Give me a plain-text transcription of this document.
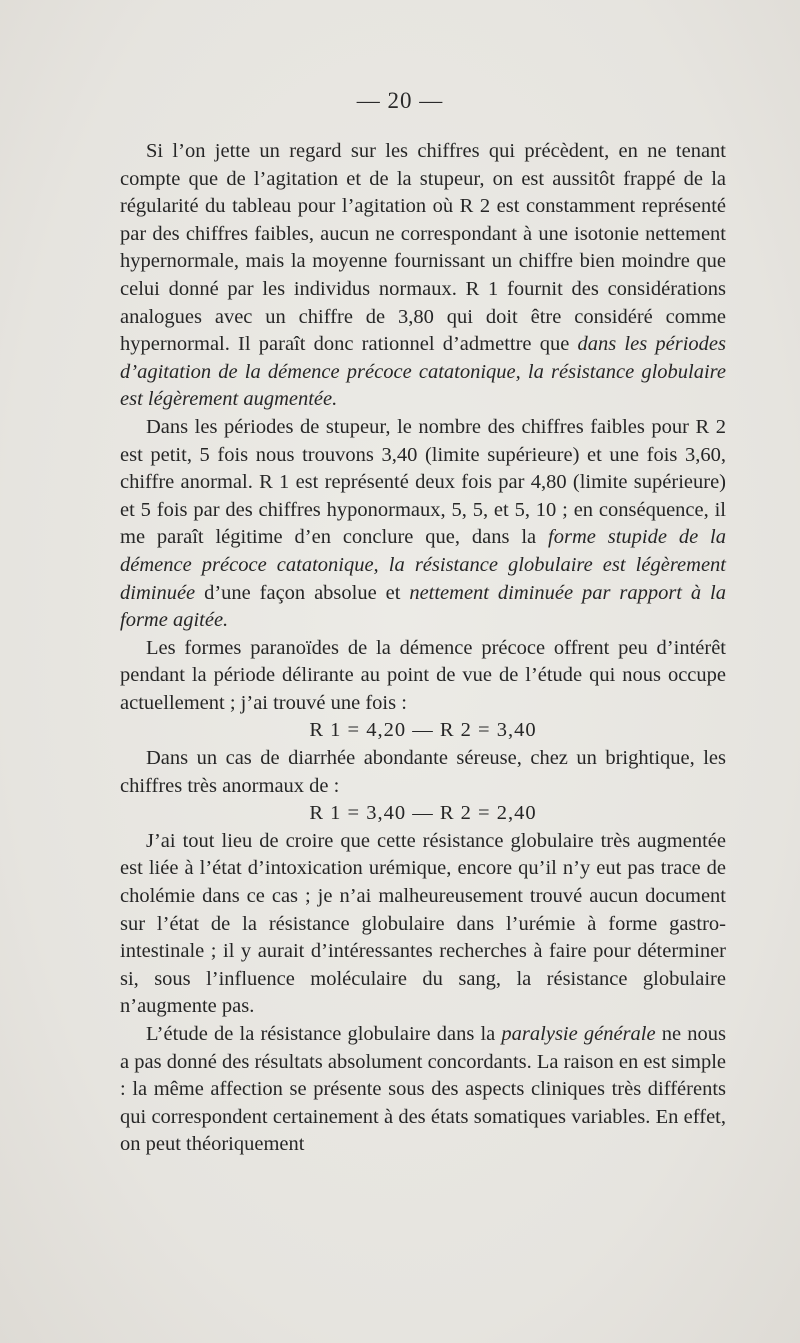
— 20 —

Si l’on jette un regard sur les chiffres qui précèdent, en ne tenant compte que de l’agitation et de la stupeur, on est aussitôt frappé de la régularité du tableau pour l’agitation où R 2 est constamment représenté par des chiffres faibles, aucun ne correspondant à une isotonie nettement hypernormale, mais la moyenne fournissant un chiffre bien moindre que celui donné par les individus normaux. R 1 fournit des considérations analogues avec un chiffre de 3,80 qui doit être considéré comme hypernormal. Il paraît donc rationnel d’admettre que dans les périodes d’agitation de la démence précoce catatonique, la résistance globulaire est légèrement augmentée.

Dans les périodes de stupeur, le nombre des chiffres faibles pour R 2 est petit, 5 fois nous trouvons 3,40 (limite supérieure) et une fois 3,60, chiffre anormal. R 1 est représenté deux fois par 4,80 (limite supérieure) et 5 fois par des chiffres hyponormaux, 5, 5, et 5, 10 ; en conséquence, il me paraît légitime d’en conclure que, dans la forme stupide de la démence précoce catatonique, la résistance globulaire est légèrement diminuée d’une façon absolue et nettement diminuée par rapport à la forme agitée.

Les formes paranoïdes de la démence précoce offrent peu d’intérêt pendant la période délirante au point de vue de l’étude qui nous occupe actuellement ; j’ai trouvé une fois :

R 1 = 4,20 — R 2 = 3,40

Dans un cas de diarrhée abondante séreuse, chez un brightique, les chiffres très anormaux de :

R 1 = 3,40 — R 2 = 2,40

J’ai tout lieu de croire que cette résistance globulaire très augmentée est liée à l’état d’intoxication urémique, encore qu’il n’y eut pas trace de cholémie dans ce cas ; je n’ai malheureusement trouvé aucun document sur l’état de la résistance globulaire dans l’urémie à forme gastro-intestinale ; il y aurait d’intéressantes recherches à faire pour déterminer si, sous l’influence moléculaire du sang, la résistance globulaire n’augmente pas.

L’étude de la résistance globulaire dans la paralysie générale ne nous a pas donné des résultats absolument concordants. La raison en est simple : la même affection se présente sous des aspects cliniques très différents qui correspondent certainement à des états somatiques variables. En effet, on peut théoriquement
